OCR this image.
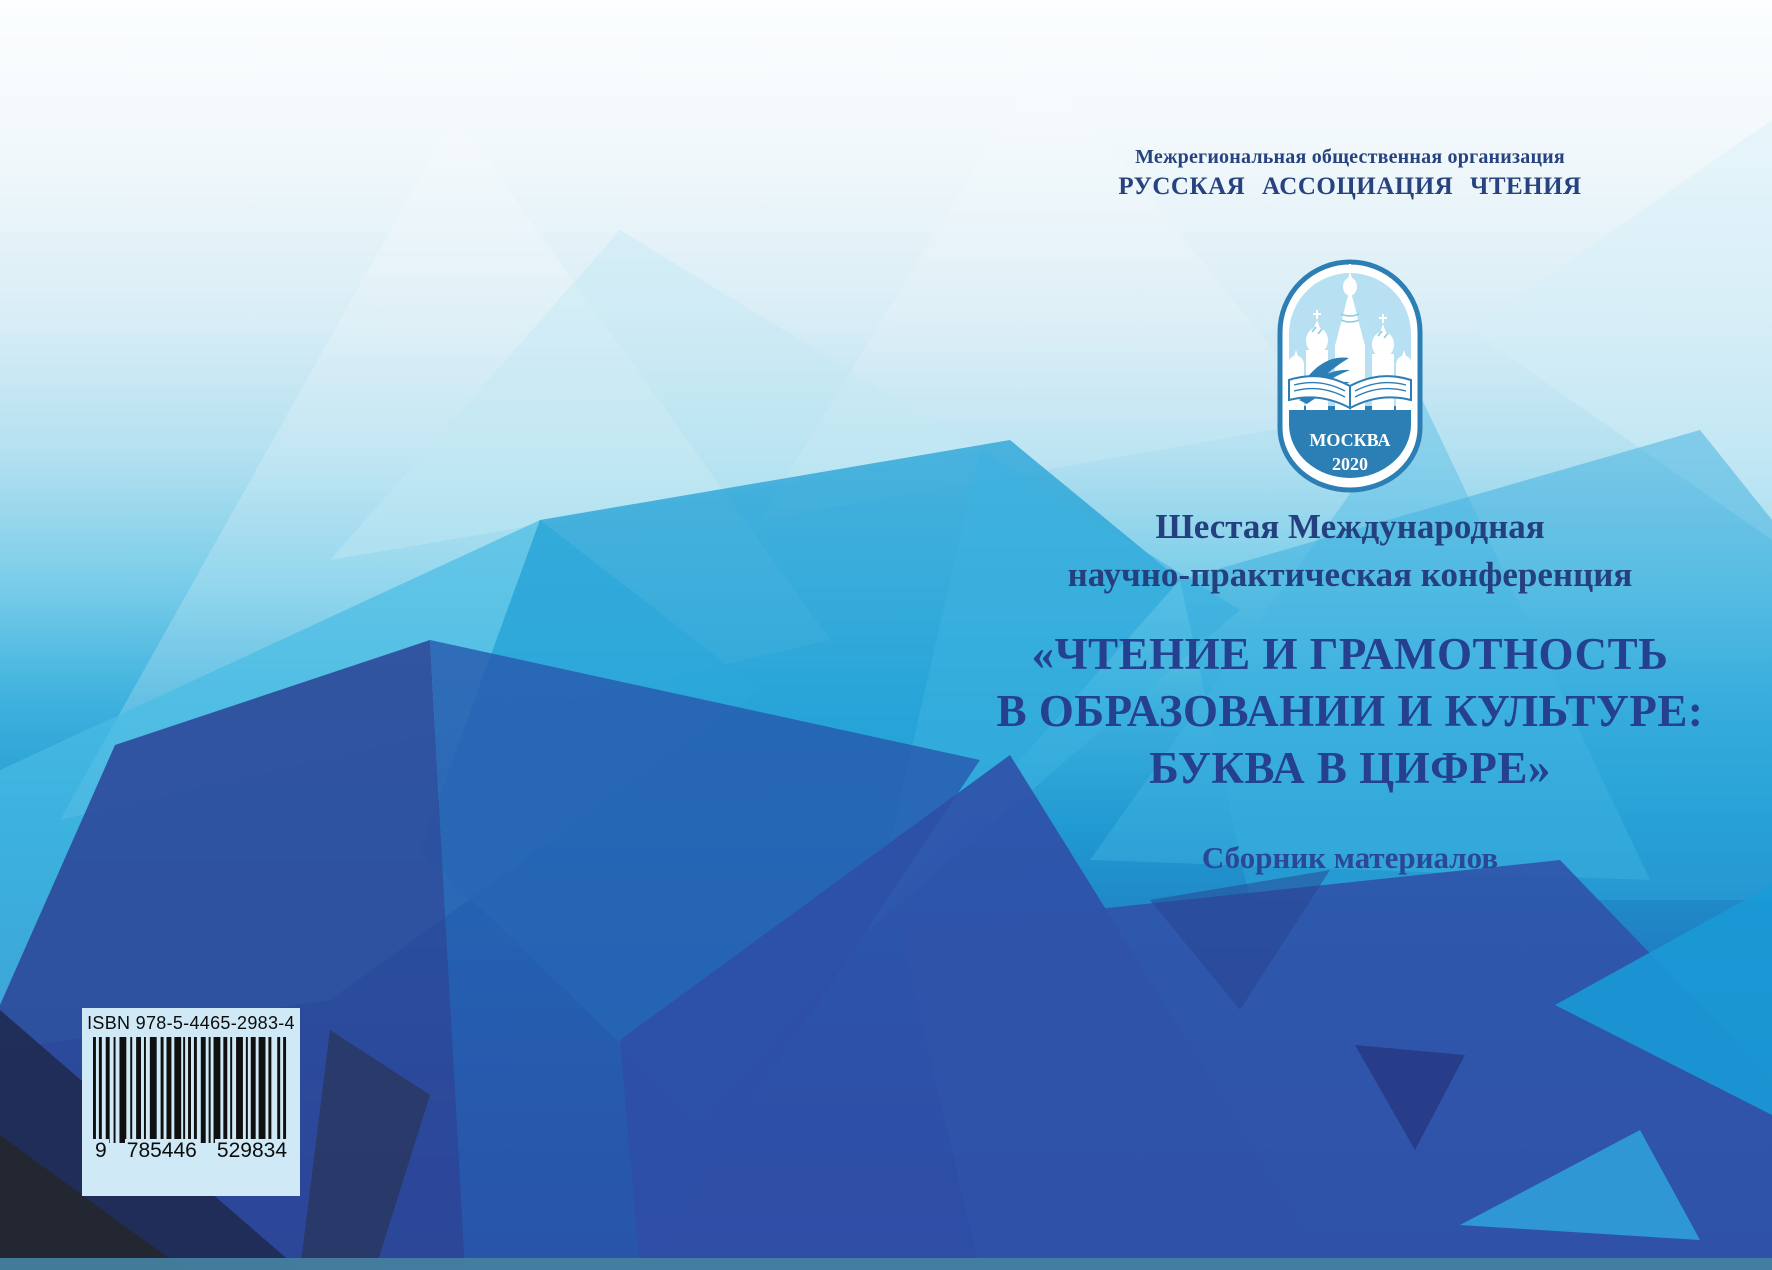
Межрегиональная общественная организация
РУССКАЯ АССОЦИАЦИЯ ЧТЕНИЯ
Шестая Международная
научно-практическая конференция
«ЧТЕНИЕ И ГРАМОТНОСТЬ
В ОБРАЗОВАНИИ И КУЛЬТУРЕ:
БУКВА В ЦИФРЕ»
Сборник материалов
МОСКВА
2020
ISBN 978-5-4465-2983-4
9 785446 529834
